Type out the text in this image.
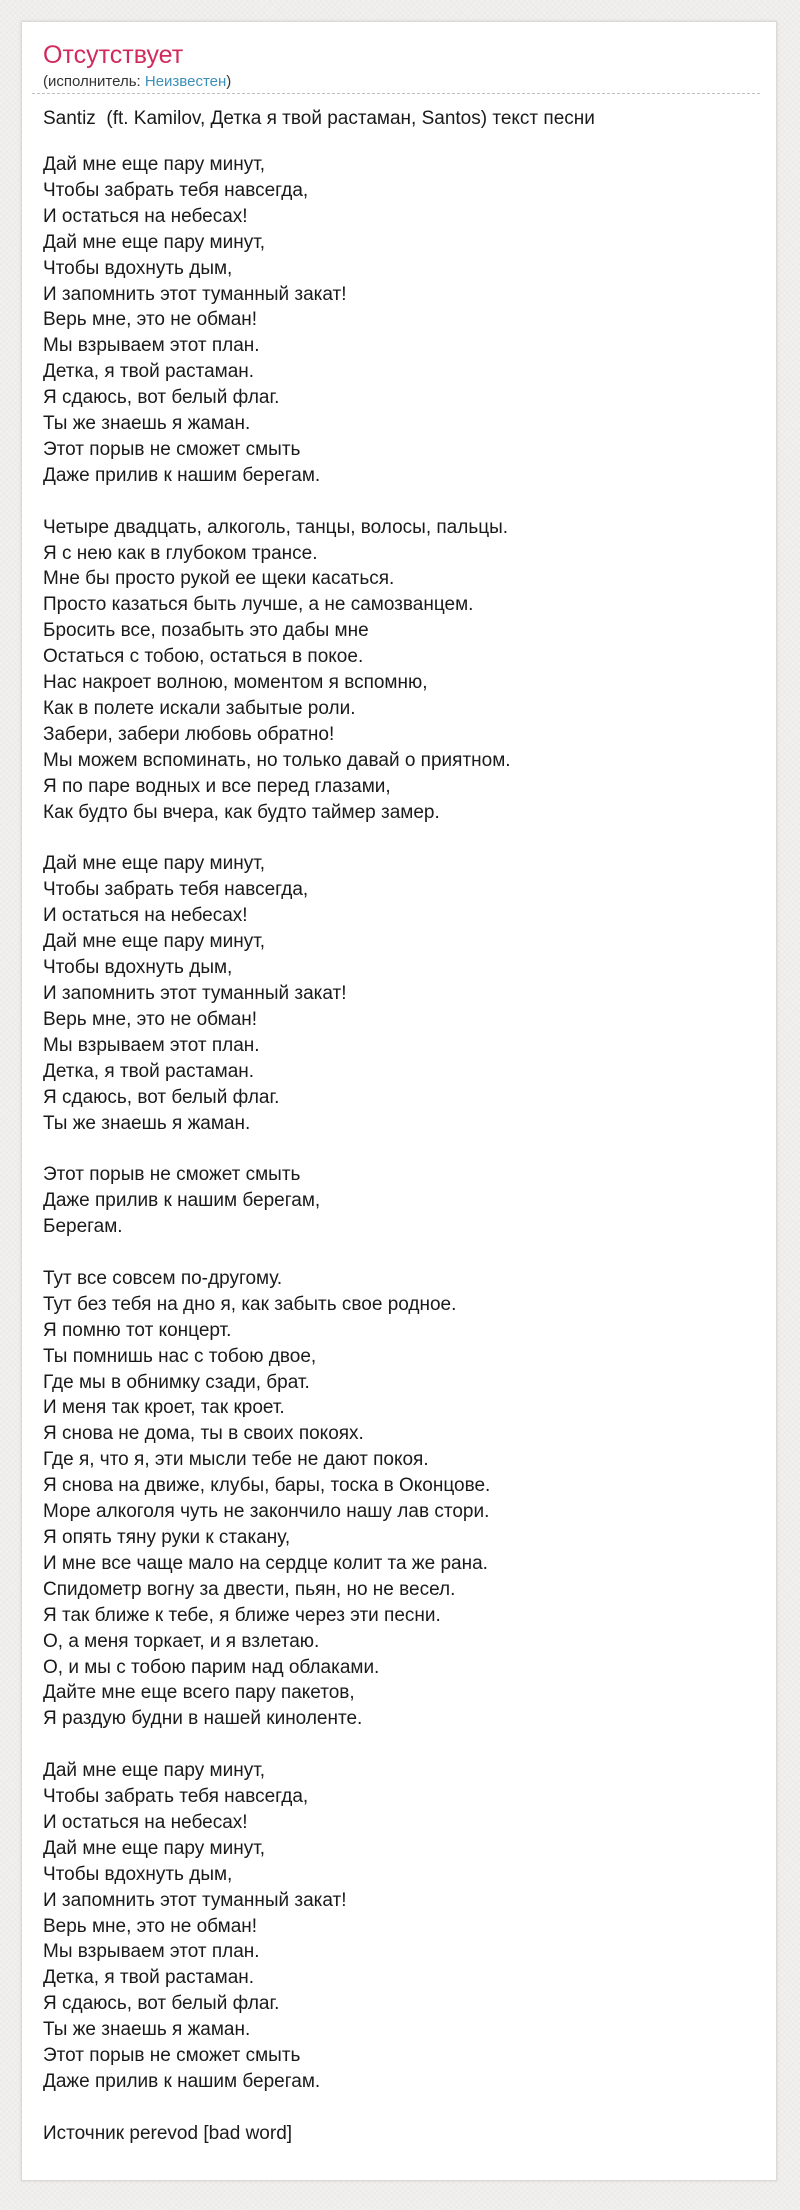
Отсутствует
(исполнитель: Неизвестен)
Santiz  (ft. Kamilov, Детка я твой растаман, Santos) текст песни
Дай мне еще пару минут,
Чтобы забрать тебя навсегда,
И остаться на небесах!
Дай мне еще пару минут,
Чтобы вдохнуть дым,
И запомнить этот туманный закат!
Верь мне, это не обман!
Мы взрываем этот план.
Детка, я твой растаман.
Я сдаюсь, вот белый флаг.
Ты же знаешь я жаман.
Этот порыв не сможет смыть
Даже прилив к нашим берегам.
Четыре двадцать, алкоголь, танцы, волосы, пальцы.
Я с нею как в глубоком трансе.
Мне бы просто рукой ее щеки касаться.
Просто казаться быть лучше, а не самозванцем.
Бросить все, позабыть это дабы мне
Остаться с тобою, остаться в покое.
Нас накроет волною, моментом я вспомню,
Как в полете искали забытые роли.
Забери, забери любовь обратно!
Мы можем вспоминать, но только давай о приятном.
Я по паре водных и все перед глазами,
Как будто бы вчера, как будто таймер замер.
Дай мне еще пару минут,
Чтобы забрать тебя навсегда,
И остаться на небесах!
Дай мне еще пару минут,
Чтобы вдохнуть дым,
И запомнить этот туманный закат!
Верь мне, это не обман!
Мы взрываем этот план.
Детка, я твой растаман.
Я сдаюсь, вот белый флаг.
Ты же знаешь я жаман.
Этот порыв не сможет смыть
Даже прилив к нашим берегам,
Берегам.
Тут все совсем по-другому.
Тут без тебя на дно я, как забыть свое родное.
Я помню тот концерт.
Ты помнишь нас с тобою двое,
Где мы в обнимку сзади, брат.
И меня так кроет, так кроет.
Я снова не дома, ты в своих покоях.
Где я, что я, эти мысли тебе не дают покоя.
Я снова на движе, клубы, бары, тоска в Оконцове.
Море алкоголя чуть не закончило нашу лав стори.
Я опять тяну руки к стакану,
И мне все чаще мало на сердце колит та же рана.
Спидометр вогну за двести, пьян, но не весел.
Я так ближе к тебе, я ближе через эти песни.
О, а меня торкает, и я взлетаю.
О, и мы с тобою парим над облаками.
Дайте мне еще всего пару пакетов,
Я раздую будни в нашей киноленте.
Дай мне еще пару минут,
Чтобы забрать тебя навсегда,
И остаться на небесах!
Дай мне еще пару минут,
Чтобы вдохнуть дым,
И запомнить этот туманный закат!
Верь мне, это не обман!
Мы взрываем этот план.
Детка, я твой растаман.
Я сдаюсь, вот белый флаг.
Ты же знаешь я жаман.
Этот порыв не сможет смыть
Даже прилив к нашим берегам.
Источник perevod [bad word]
